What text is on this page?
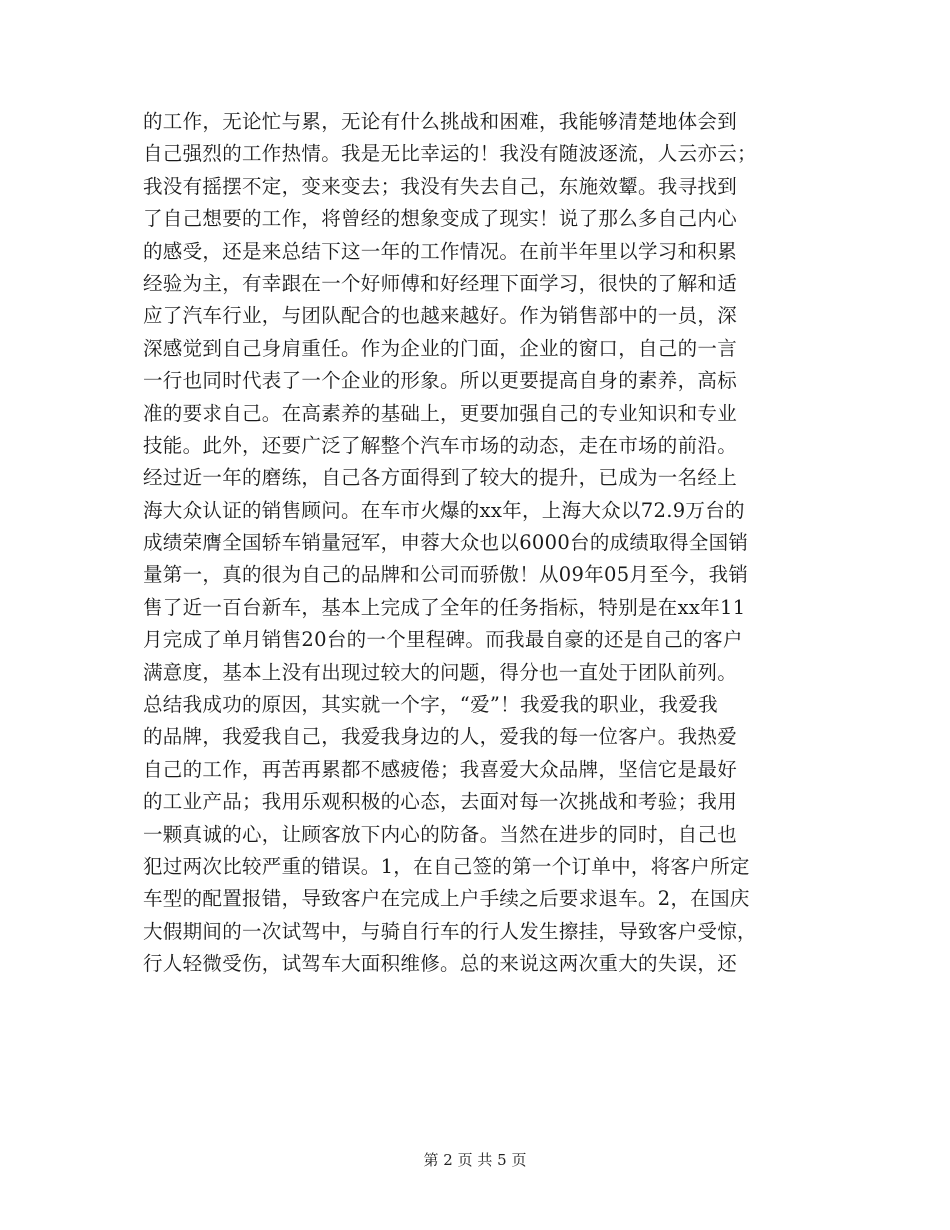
的工作，无论忙与累，无论有什么挑战和困难，我能够清楚地体会到
自己强烈的工作热情。我是无比幸运的！我没有随波逐流，人云亦云；
我没有摇摆不定，变来变去；我没有失去自己，东施效颦。我寻找到
了自己想要的工作，将曾经的想象变成了现实！说了那么多自己内心
的感受，还是来总结下这一年的工作情况。在前半年里以学习和积累
经验为主，有幸跟在一个好师傅和好经理下面学习，很快的了解和适
应了汽车行业，与团队配合的也越来越好。作为销售部中的一员，深
深感觉到自己身肩重任。作为企业的门面，企业的窗口，自己的一言
一行也同时代表了一个企业的形象。所以更要提高自身的素养，高标
准的要求自己。在高素养的基础上，更要加强自己的专业知识和专业
技能。此外，还要广泛了解整个汽车市场的动态，走在市场的前沿。
经过近一年的磨练，自己各方面得到了较大的提升，已成为一名经上
海大众认证的销售顾问。在车市火爆的xx年，上海大众以72.9万台的
成绩荣膺全国轿车销量冠军，申蓉大众也以6000台的成绩取得全国销
量第一，真的很为自己的品牌和公司而骄傲！从09年05月至今，我销
售了近一百台新车，基本上完成了全年的任务指标，特别是在xx年11
月完成了单月销售20台的一个里程碑。而我最自豪的还是自己的客户
满意度，基本上没有出现过较大的问题，得分也一直处于团队前列。
总结我成功的原因，其实就一个字，“爱”！我爱我的职业，我爱我
的品牌，我爱我自己，我爱我身边的人，爱我的每一位客户。我热爱
自己的工作，再苦再累都不感疲倦；我喜爱大众品牌，坚信它是最好
的工业产品；我用乐观积极的心态，去面对每一次挑战和考验；我用
一颗真诚的心，让顾客放下内心的防备。当然在进步的同时，自己也
犯过两次比较严重的错误。1，在自己签的第一个订单中，将客户所定
车型的配置报错，导致客户在完成上户手续之后要求退车。2，在国庆
大假期间的一次试驾中，与骑自行车的行人发生擦挂，导致客户受惊，
行人轻微受伤，试驾车大面积维修。总的来说这两次重大的失误，还
第 2 页 共 5 页
